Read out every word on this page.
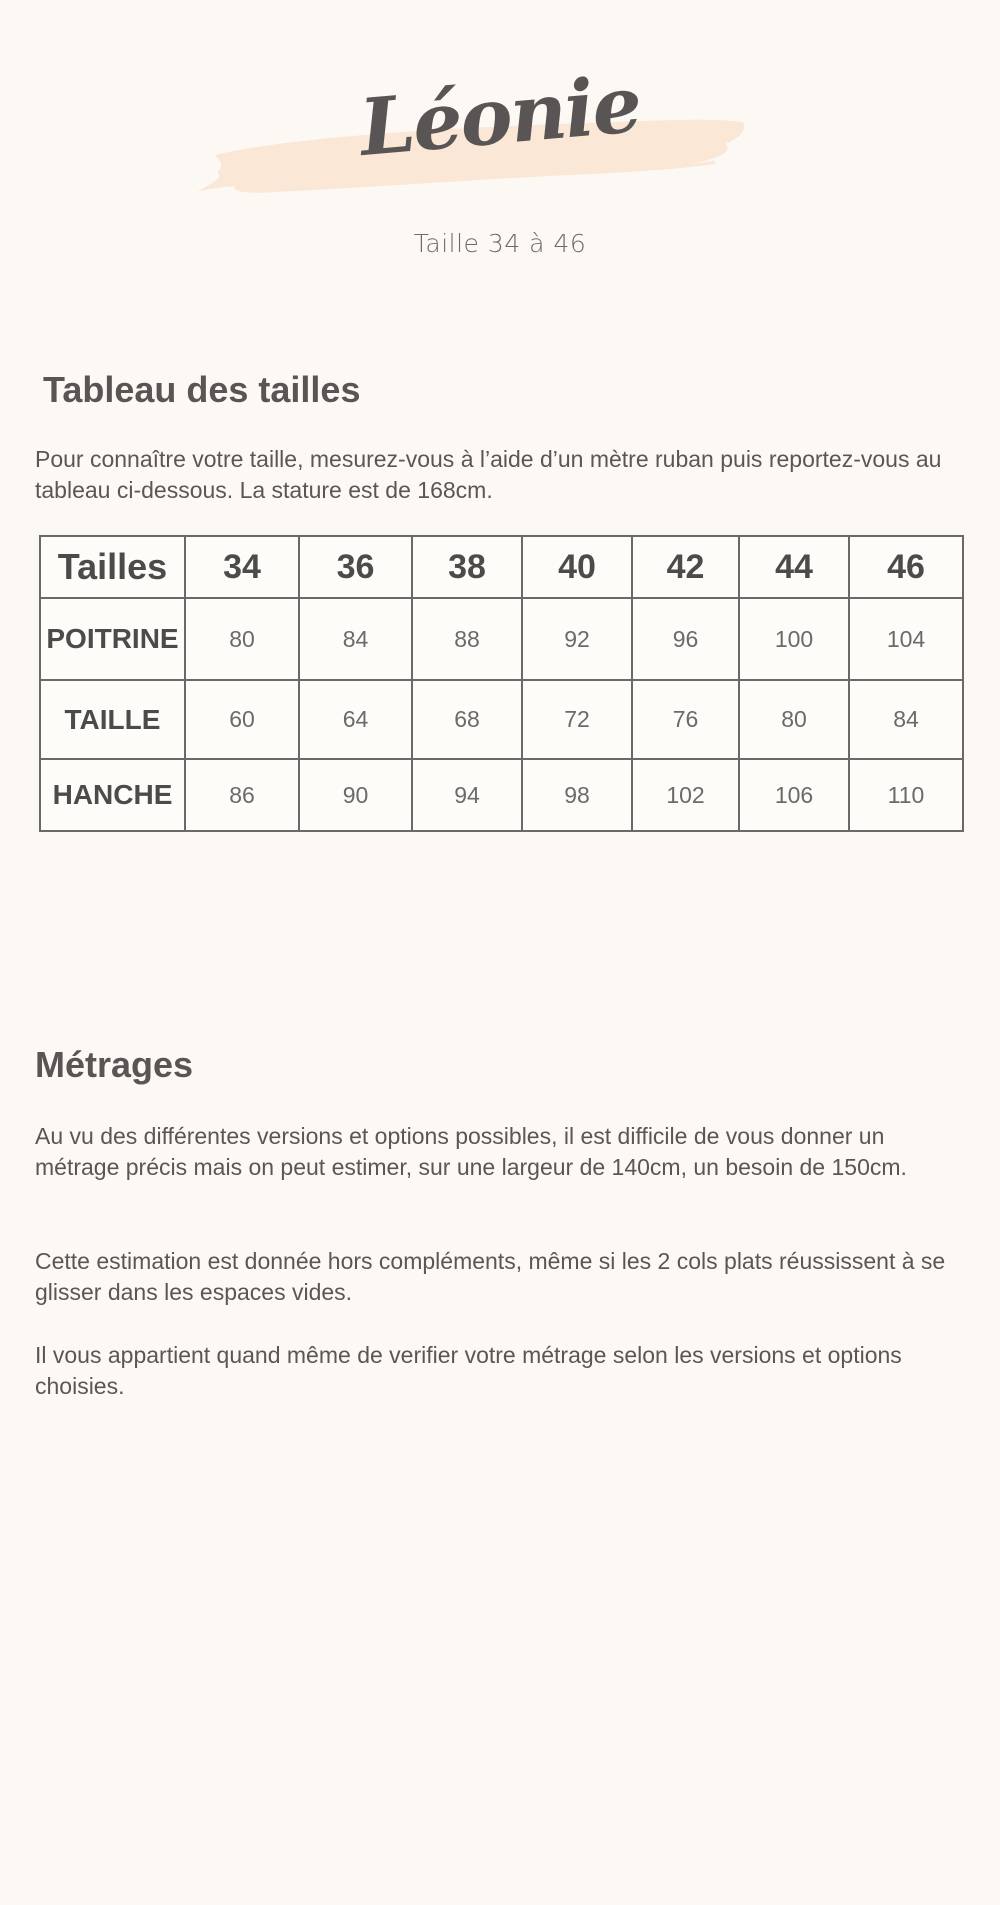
Léonie
Taille 34 à 46
Tableau des tailles

Pour connaître votre taille, mesurez-vous à l’aide d’un mètre ruban puis reportez-vous au tableau ci-dessous. La stature est de 168cm.

Tailles	34	36	38	40	42	44	46
POITRINE	80	84	88	92	96	100	104
TAILLE	60	64	68	72	76	80	84
HANCHE	86	90	94	98	102	106	110
Métrages

Au vu des différentes versions et options possibles, il est difficile de vous donner un métrage précis mais on peut estimer, sur une largeur de 140cm, un besoin de 150cm.

Cette estimation est donnée hors compléments, même si les 2 cols plats réussissent à se glisser dans les espaces vides.

Il vous appartient quand même de verifier votre métrage selon les versions et options choisies.
